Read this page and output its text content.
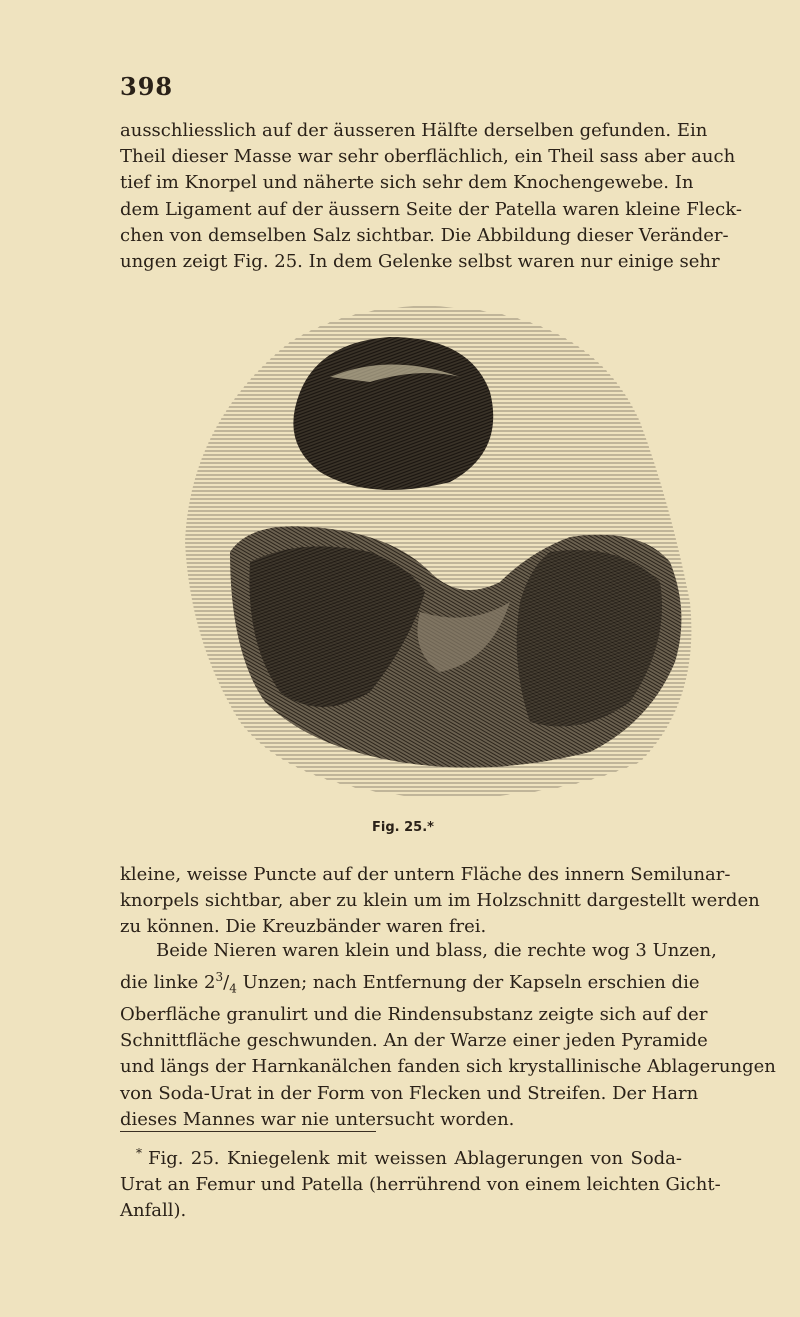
398
ausschliesslich auf der äusseren Hälfte derselben gefunden. Ein
Theil dieser Masse war sehr oberflächlich, ein Theil sass aber auch
tief im Knorpel und näherte sich sehr dem Knochengewebe. In
dem Ligament auf der äussern Seite der Patella waren kleine Fleck-
chen von demselben Salz sichtbar. Die Abbildung dieser Veränder-
ungen zeigt Fig. 25. In dem Gelenke selbst waren nur einige sehr
Fig. 25.*
kleine, weisse Puncte auf der untern Fläche des innern Semilunar-
knorpels sichtbar, aber zu klein um im Holzschnitt dargestellt werden
zu können. Die Kreuzbänder waren frei.
Beide Nieren waren klein und blass, die rechte wog 3 Unzen,
die linke $2^3/_4$ Unzen; nach Entfernung der Kapseln erschien die
Oberfläche granulirt und die Rindensubstanz zeigte sich auf der
Schnittfläche geschwunden. An der Warze einer jeden Pyramide
und längs der Harnkanälchen fanden sich krystallinische Ablagerungen
von Soda-Urat in der Form von Flecken und Streifen. Der Harn
dieses Mannes war nie untersucht worden.
* Fig. 25. Kniegelenk mit weissen Ablagerungen von Soda-
Urat an Femur und Patella (herrührend von einem leichten Gicht-
Anfall).
